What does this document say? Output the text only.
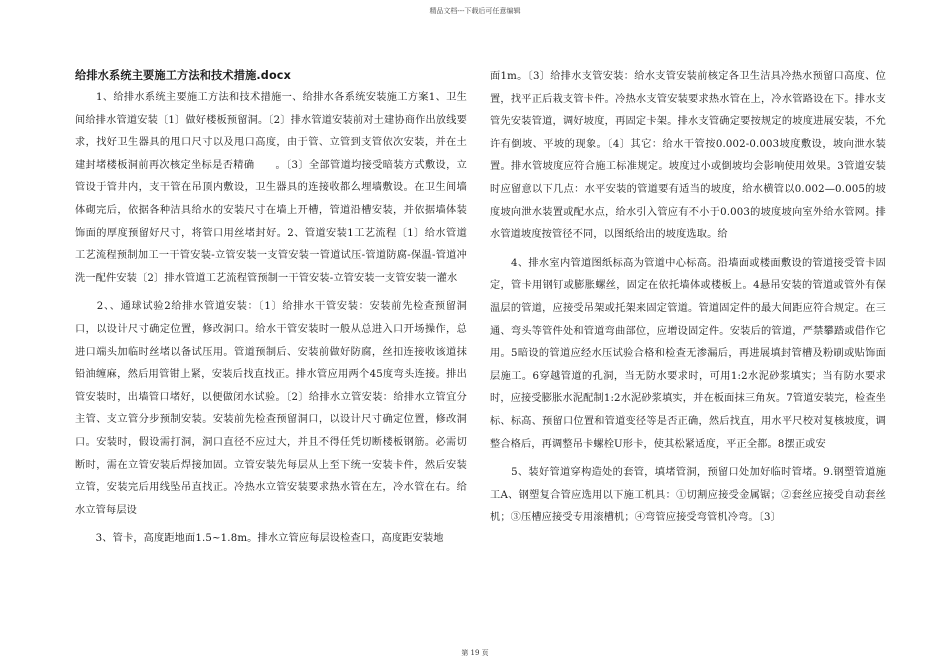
精品文档---下载后可任意编辑
给排水系统主要施工方法和技术措施.docx

　　1、给排水系统主要施工方法和技术措施一、给排水各系统安装施工方案1、卫生间给排水管道安装〔1〕做好楼板预留洞。〔2〕排水管道安装前对土建协商作出放线要求，找好卫生器具的甩口尺寸以及甩口高度，由于管、立管到支管依次安装，并在土建封堵楼板洞前再次核定坐标是否精确　　。〔3〕全部管道均接受暗装方式敷设，立管设于管井内，支干管在吊顶内敷设，卫生器具的连接收都么埋墙敷设。在卫生间墙体砌完后，依据各种洁具给水的安装尺寸在墙上开槽，管道沿槽安装，并依据墙体装饰面的厚度预留好尺寸，将管口用丝堵封好。2、管道安装1工艺流程〔1〕给水管道工艺流程预制加工一干管安装-立管安装一支管安装一管道试压-管道防腐-保温-管道冲洗一配件安装〔2〕排水管道工艺流程管预制一干管安装-立管安装一支管安装一灌水

　　2、、通球试验2给排水管道安装：〔1〕给排水干管安装：安装前先检查预留洞口，以设计尺寸确定位置，修改洞口。给水干管安装时一般从总进入口开场操作，总进口端头加临时丝堵以备试压用。管道预制后、安装前做好防腐，丝扣连接收该道抹铅油缠麻，然后用管钳上紧，安装后找直找正。排水管应用两个45度弯头连接。排出管安装时，出墙管口堵好，以便做闭水试验。〔2〕给排水立管安装：给排水立管宜分主管、支立管分步预制安装。安装前先检查预留洞口，以设计尺寸确定位置，修改洞口。安装时，假设需打洞，洞口直径不应过大，并且不得任凭切断楼板钢筋。必需切断时，需在立管安装后焊接加固。立管安装先每层从上至下统一安装卡件，然后安装立管，安装完后用线坠吊直找正。冷热水立管安装要求热水管在左，冷水管在右。给水立管每层设

　　3、管卡，高度距地面1.5~1.8m。排水立管应每层设检查口，高度距安装地

面1m。〔3〕给排水支管安装：给水支管安装前核定各卫生洁具冷热水预留口高度、位置，找平正后栽支管卡件。冷热水支管安装要求热水管在上，冷水管路设在下。排水支管先安装管道，调好坡度，再固定卡架。排水支管确定要按规定的坡度进展安装，不允许有倒坡、平坡的现象。〔4〕其它：给水干管按0.002-0.003坡度敷设，坡向泄水装置。排水管坡度应符合施工标准规定。坡度过小或倒坡均会影响使用效果。3管道安装时应留意以下几点：水平安装的管道要有适当的坡度，给水横管以0.002—0.005的坡度坡向泄水装置或配水点，给水引入管应有不小于0.003的坡度坡向室外给水管网。排水管道坡度按管径不同，以图纸给出的坡度选取。给

　　4、排水室内管道图纸标高为管道中心标高。沿墙面或楼面敷设的管道接受管卡固定，管卡用钢钉或膨胀螺丝，固定在依托墙体或楼板上。4悬吊安装的管道或管外有保温层的管道，应接受吊架或托架来固定管道。管道固定件的最大间距应符合规定。在三通、弯头等管件处和管道弯曲部位，应增设固定件。安装后的管道，严禁攀踏或借作它用。5暗设的管道应经水压试验合格和检查无渗漏后，再进展填封管槽及粉刷或贴饰面层施工。6穿越管道的孔洞，当无防水要求时，可用1:2水泥砂浆填实；当有防水要求时，应接受膨胀水泥配制1:2水泥砂浆填实，并在板面抹三角灰。7管道安装完，检查坐标、标高、预留口位置和管道变径等是否正确，然后找直，用水平尺校对复核坡度，调整合格后，再调整吊卡螺栓U形卡，使其松紧适度，平正全都。8摆正或安

　　5、装好管道穿构造处的套管，填堵管洞，预留口处加好临时管堵。9.钢塑管道施工A、钢塑复合管应选用以下施工机具：①切割应接受金属锯；②套丝应接受自动套丝机；③压槽应接受专用滚槽机；④弯管应接受弯管机冷弯。〔3〕

第 19 页
